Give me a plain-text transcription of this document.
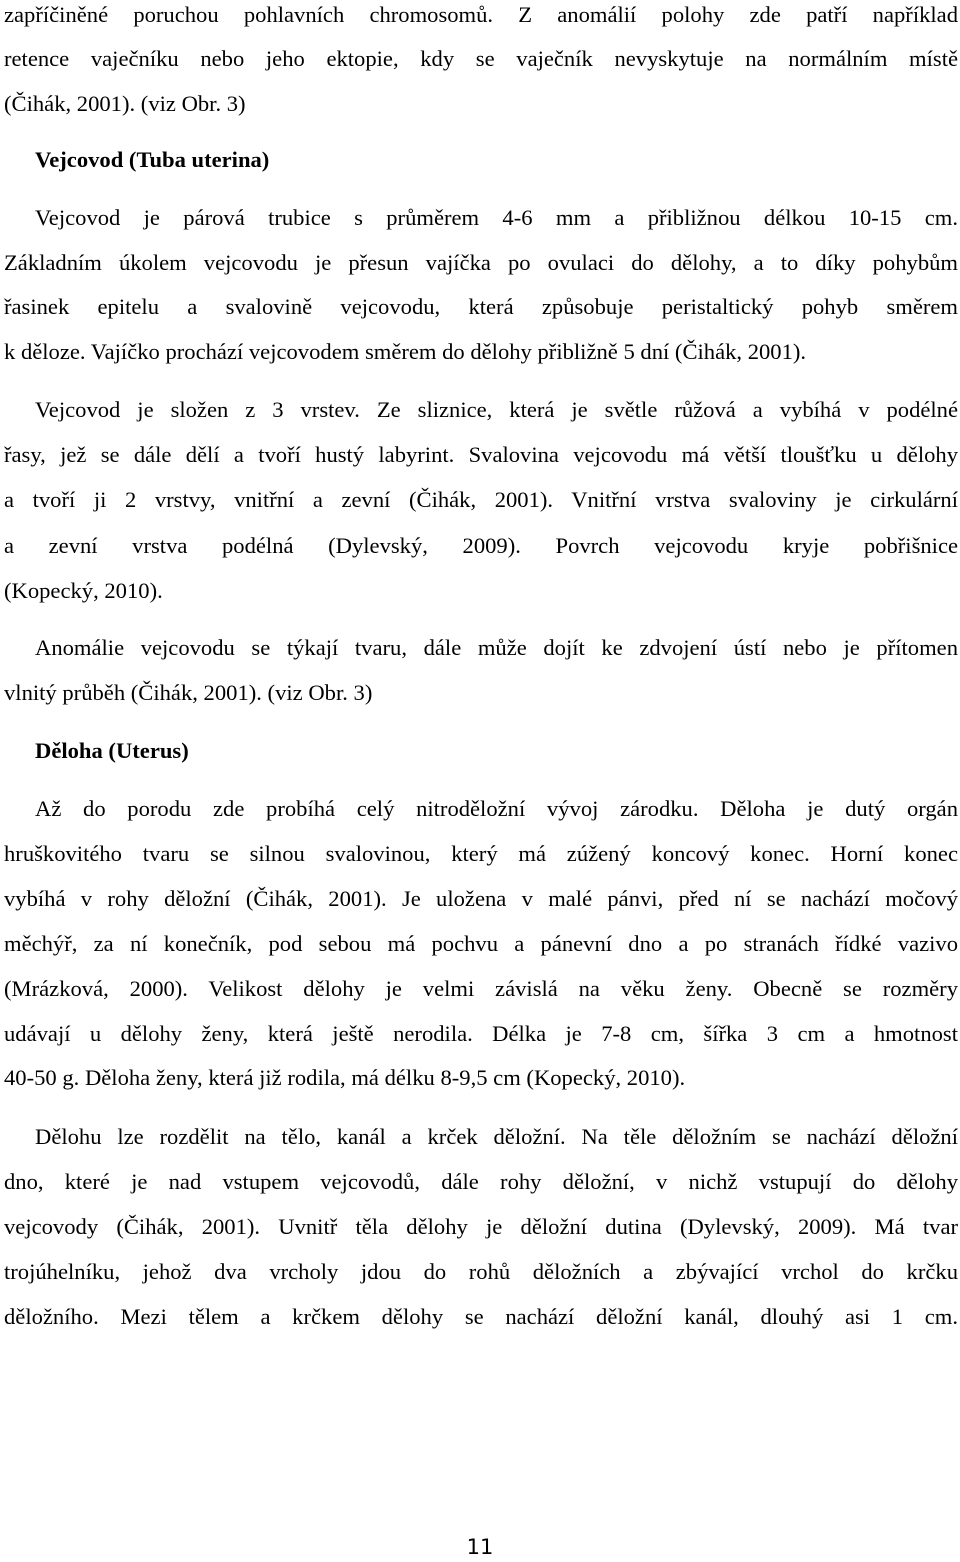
zapříčiněné poruchou pohlavních chromosomů. Z anomálií polohy zde patří například
retence vaječníku nebo jeho ektopie, kdy se vaječník nevyskytuje na normálním místě
(Čihák, 2001). (viz Obr. 3)
Vejcovod (Tuba uterina)
Vejcovod je párová trubice s průměrem 4-6 mm a přibližnou délkou 10-15 cm.
Základním úkolem vejcovodu je přesun vajíčka po ovulaci do dělohy, a to díky pohybům
řasinek epitelu a svalovině vejcovodu, která způsobuje peristaltický pohyb směrem
k děloze. Vajíčko prochází vejcovodem směrem do dělohy přibližně 5 dní (Čihák, 2001).
Vejcovod je složen z 3 vrstev. Ze sliznice, která je světle růžová a vybíhá v podélné
řasy, jež se dále dělí a tvoří hustý labyrint. Svalovina vejcovodu má větší tloušťku u dělohy
a tvoří ji 2 vrstvy, vnitřní a zevní (Čihák, 2001). Vnitřní vrstva svaloviny je cirkulární
a zevní vrstva podélná (Dylevský, 2009). Povrch vejcovodu kryje pobřišnice
(Kopecký, 2010).
Anomálie vejcovodu se týkají tvaru, dále může dojít ke zdvojení ústí nebo je přítomen
vlnitý průběh (Čihák, 2001). (viz Obr. 3)
Děloha (Uterus)
Až do porodu zde probíhá celý nitroděložní vývoj zárodku. Děloha je dutý orgán
hruškovitého tvaru se silnou svalovinou, který má zúžený koncový konec. Horní konec
vybíhá v rohy děložní (Čihák, 2001). Je uložena v malé pánvi, před ní se nachází močový
měchýř, za ní konečník, pod sebou má pochvu a pánevní dno a po stranách řídké vazivo
(Mrázková, 2000). Velikost dělohy je velmi závislá na věku ženy. Obecně se rozměry
udávají u dělohy ženy, která ještě nerodila. Délka je 7-8 cm, šířka 3 cm a hmotnost
40-50 g. Děloha ženy, která již rodila, má délku 8-9,5 cm (Kopecký, 2010).
Dělohu lze rozdělit na tělo, kanál a krček děložní. Na těle děložním se nachází děložní
dno, které je nad vstupem vejcovodů, dále rohy děložní, v nichž vstupují do dělohy
vejcovody (Čihák, 2001). Uvnitř těla dělohy je děložní dutina (Dylevský, 2009). Má tvar
trojúhelníku, jehož dva vrcholy jdou do rohů děložních a zbývající vrchol do krčku
děložního. Mezi tělem a krčkem dělohy se nachází děložní kanál, dlouhý asi 1 cm.
11
